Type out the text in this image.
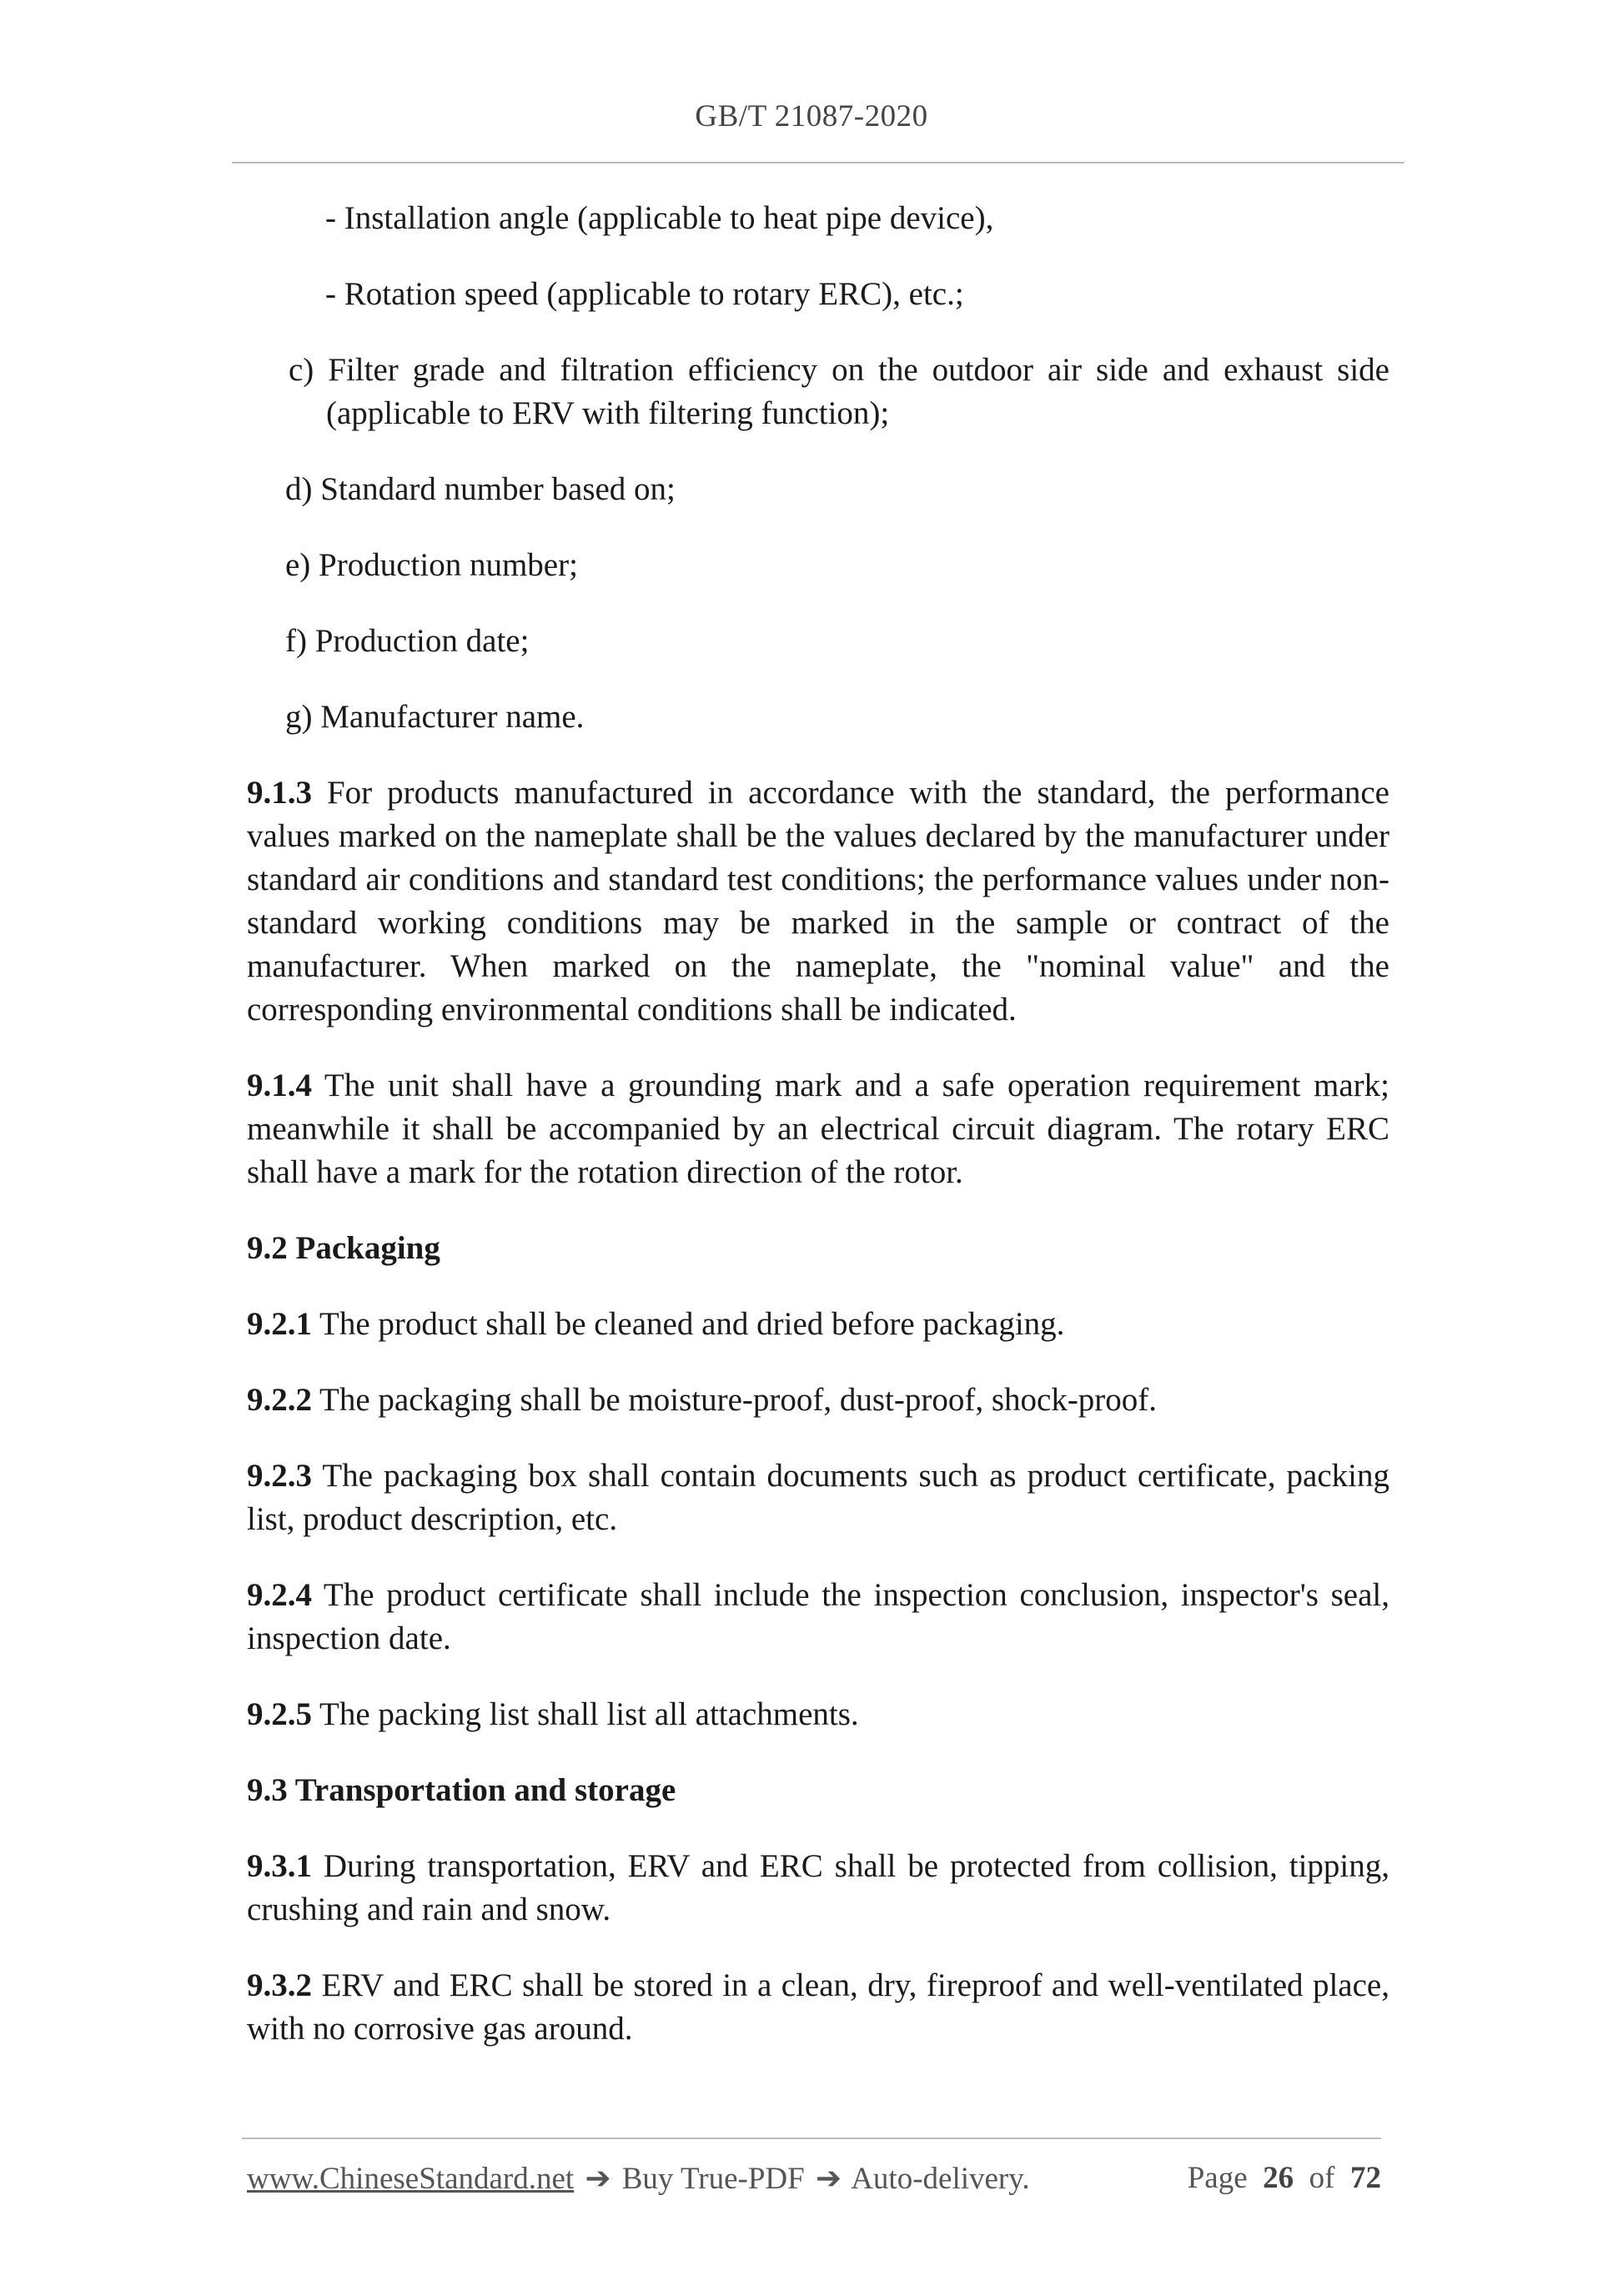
GB/T 21087-2020

- Installation angle (applicable to heat pipe device),

- Rotation speed (applicable to rotary ERC), etc.;

c) Filter grade and filtration efficiency on the outdoor air side and exhaust side (applicable to ERV with filtering function);

d) Standard number based on;

e) Production number;

f) Production date;

g) Manufacturer name.

9.1.3 For products manufactured in accordance with the standard, the performance values marked on the nameplate shall be the values declared by the manufacturer under standard air conditions and standard test conditions; the performance values under non-standard working conditions may be marked in the sample or contract of the manufacturer. When marked on the nameplate, the "nominal value" and the corresponding environmental conditions shall be indicated.

9.1.4 The unit shall have a grounding mark and a safe operation requirement mark; meanwhile it shall be accompanied by an electrical circuit diagram. The rotary ERC shall have a mark for the rotation direction of the rotor.

9.2 Packaging

9.2.1 The product shall be cleaned and dried before packaging.

9.2.2 The packaging shall be moisture-proof, dust-proof, shock-proof.

9.2.3 The packaging box shall contain documents such as product certificate, packing list, product description, etc.

9.2.4 The product certificate shall include the inspection conclusion, inspector's seal, inspection date.

9.2.5 The packing list shall list all attachments.

9.3 Transportation and storage

9.3.1 During transportation, ERV and ERC shall be protected from collision, tipping, crushing and rain and snow.

9.3.2 ERV and ERC shall be stored in a clean, dry, fireproof and well-ventilated place, with no corrosive gas around.

www.ChineseStandard.net ➔ Buy True-PDF ➔ Auto-delivery.	Page 26 of 72
